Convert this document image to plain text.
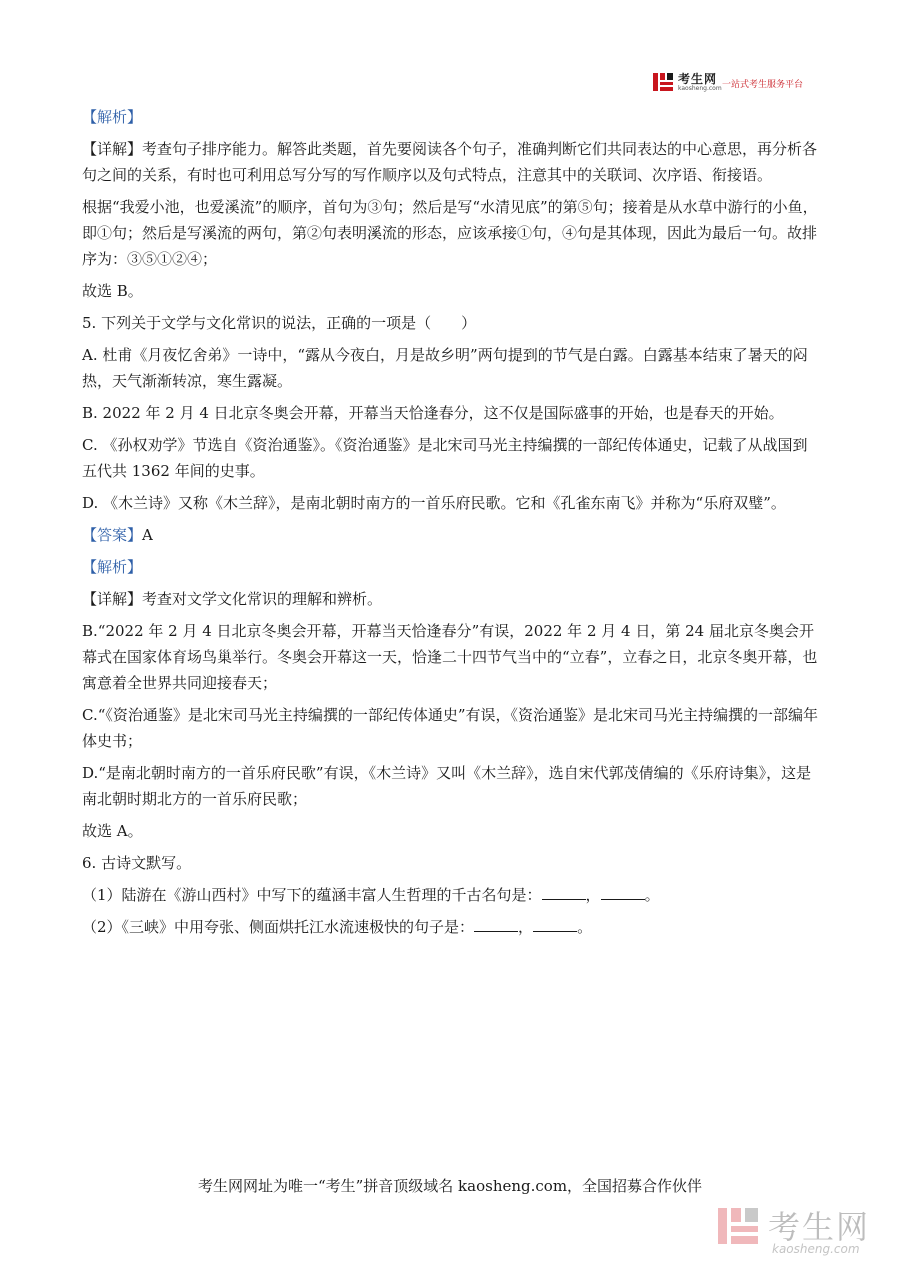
考生网
kaosheng.com 一站式考生服务平台

【解析】

【详解】考查句子排序能力。解答此类题，首先要阅读各个句子，准确判断它们共同表达的中心意思，再分析各句之间的关系，有时也可利用总写分写的写作顺序以及句式特点，注意其中的关联词、次序语、衔接语。

根据“我爱小池，也爱溪流”的顺序，首句为③句；然后是写“水清见底”的第⑤句；接着是从水草中游行的小鱼，即①句；然后是写溪流的两句，第②句表明溪流的形态，应该承接①句，④句是其体现，因此为最后一句。故排序为：③⑤①②④；

故选 B。

5. 下列关于文学与文化常识的说法，正确的一项是（　　）

A. 杜甫《月夜忆舍弟》一诗中，“露从今夜白，月是故乡明”两句提到的节气是白露。白露基本结束了暑天的闷热，天气渐渐转凉，寒生露凝。

B. 2022 年 2 月 4 日北京冬奥会开幕，开幕当天恰逢春分，这不仅是国际盛事的开始，也是春天的开始。

C. 《孙权劝学》节选自《资治通鉴》。《资治通鉴》是北宋司马光主持编撰的一部纪传体通史，记载了从战国到五代共 1362 年间的史事。

D. 《木兰诗》又称《木兰辞》，是南北朝时南方的一首乐府民歌。它和《孔雀东南飞》并称为“乐府双璧”。

【答案】A

【解析】

【详解】考查对文学文化常识的理解和辨析。

B.“2022 年 2 月 4 日北京冬奥会开幕，开幕当天恰逢春分”有误，2022 年 2 月 4 日，第 24 届北京冬奥会开幕式在国家体育场鸟巢举行。冬奥会开幕这一天，恰逢二十四节气当中的“立春”，立春之日，北京冬奥开幕，也寓意着全世界共同迎接春天；

C.“《资治通鉴》是北宋司马光主持编撰的一部纪传体通史”有误，《资治通鉴》是北宋司马光主持编撰的一部编年体史书；

D.“是南北朝时南方的一首乐府民歌”有误，《木兰诗》又叫《木兰辞》，选自宋代郭茂倩编的《乐府诗集》，这是南北朝时期北方的一首乐府民歌；

故选 A。

6. 古诗文默写。

（1）陆游在《游山西村》中写下的蕴涵丰富人生哲理的千古名句是：	，	。

（2）《三峡》中用夸张、侧面烘托江水流速极快的句子是：	，	。

考生网网址为唯一“考生”拼音顶级域名 kaosheng.com，全国招募合作伙伴
考生网
kaosheng.com
